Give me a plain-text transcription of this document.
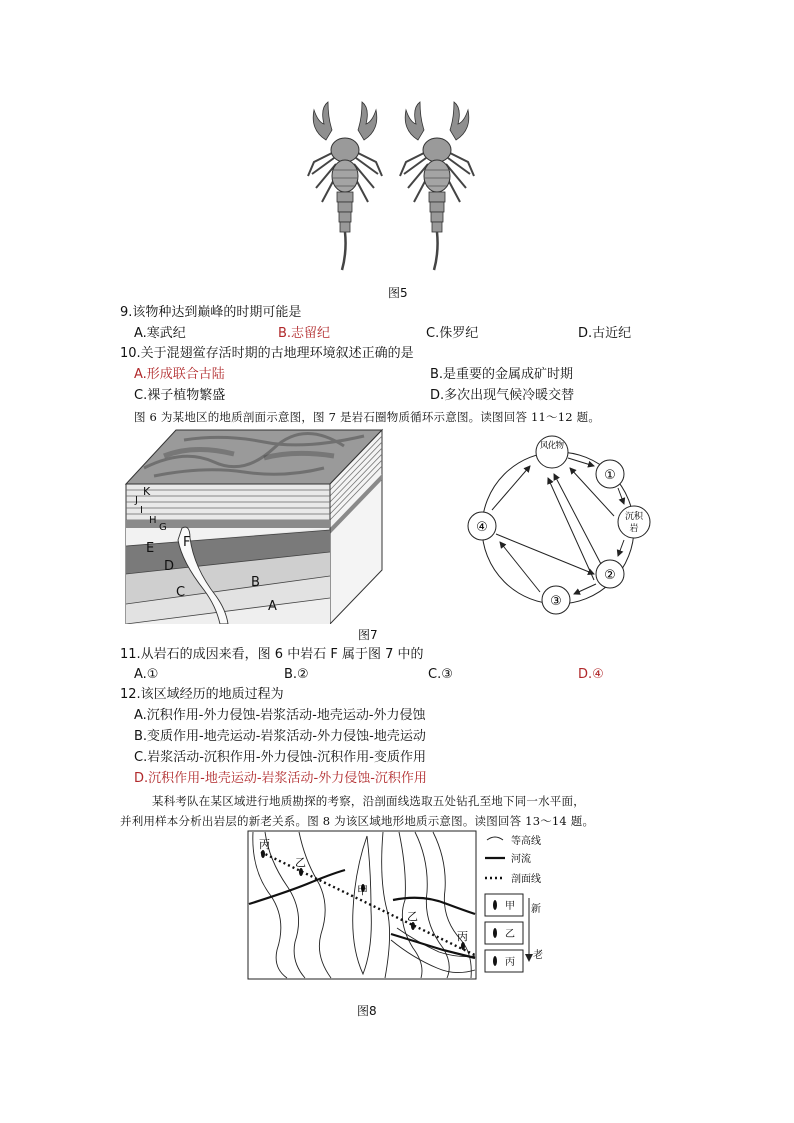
图5
9.该物种达到巅峰的时期可能是
A.寒武纪	B.志留纪	C.侏罗纪	D.古近纪
10.关于混翅鲎存活时期的古地理环境叙述正确的是
A.形成联合古陆	B.是重要的金属成矿时期
C.裸子植物繁盛	D.多次出现气候冷暖交替
图 6 为某地区的地质剖面示意图，图 7 是岩石圈物质循环示意图。读图回答 11～12 题。
K
J
I
H
G
F
E
D
C
B
A
风化物
①
沉积
岩
②
③
④
图7
11.从岩石的成因来看，图 6 中岩石 F 属于图 7 中的
A.①	B.②	C.③	D.④
12.该区域经历的地质过程为
A.沉积作用-外力侵蚀-岩浆活动-地壳运动-外力侵蚀
B.变质作用-地壳运动-岩浆活动-外力侵蚀-地壳运动
C.岩浆活动-沉积作用-外力侵蚀-沉积作用-变质作用
D.沉积作用-地壳运动-岩浆活动-外力侵蚀-沉积作用
某科考队在某区域进行地质勘探的考察，沿剖面线选取五处钻孔至地下同一水平面，
并利用样本分析出岩层的新老关系。图 8 为该区域地形地质示意图。读图回答 13～14 题。
丙
乙
甲
乙
丙
等高线
河流
剖面线
甲
乙
丙
新
老
图8
